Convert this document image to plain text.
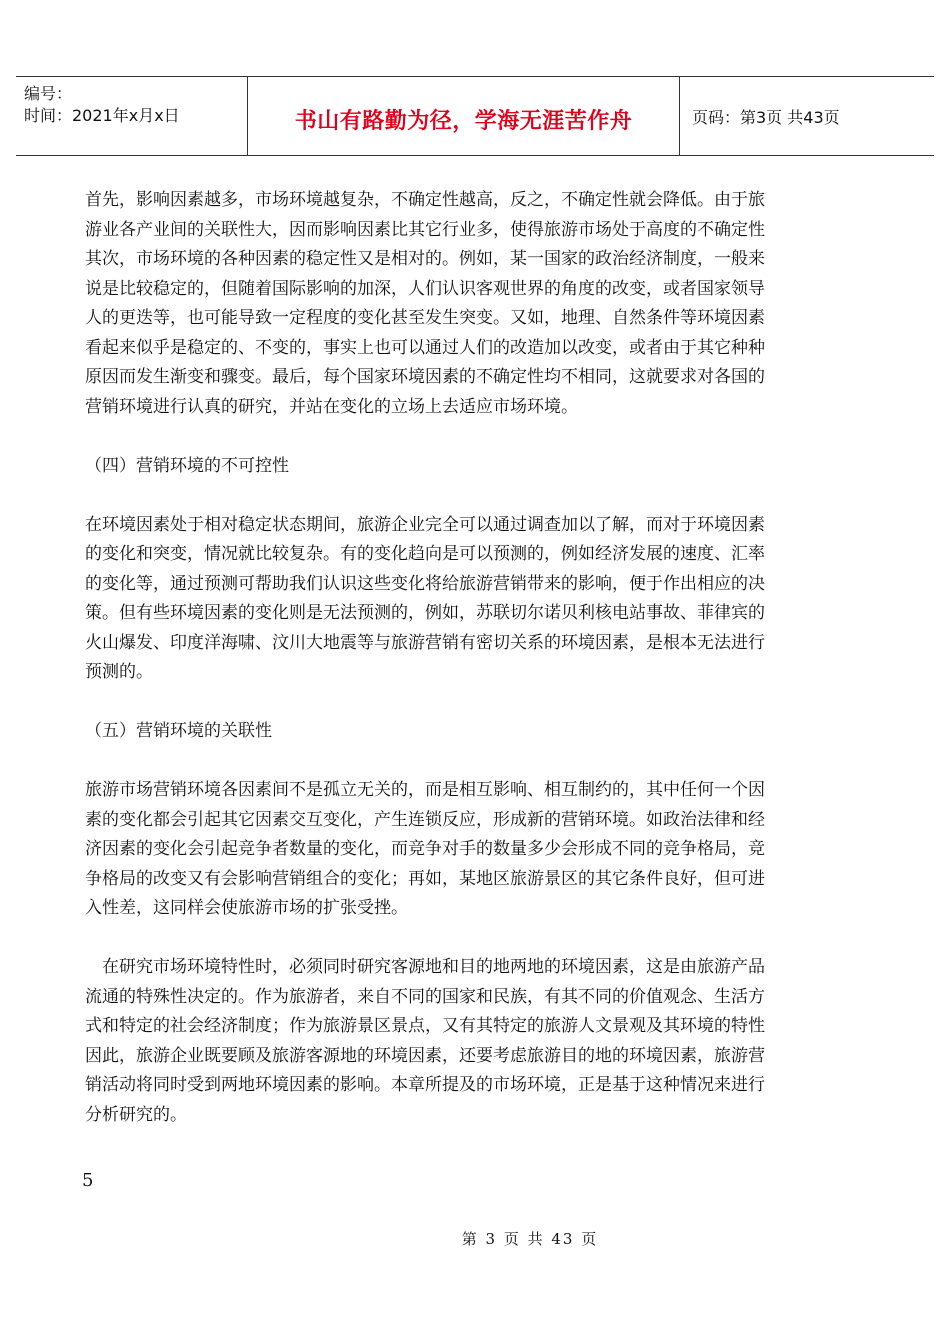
编号：
时间：2021年x月x日	书山有路勤为径，学海无涯苦作舟	页码：第3页 共43页

首先，影响因素越多，市场环境越复杂，不确定性越高，反之，不确定性就会降低。由于旅
游业各产业间的关联性大，因而影响因素比其它行业多，使得旅游市场处于高度的不确定性
其次，市场环境的各种因素的稳定性又是相对的。例如，某一国家的政治经济制度，一般来
说是比较稳定的，但随着国际影响的加深，人们认识客观世界的角度的改变，或者国家领导
人的更迭等，也可能导致一定程度的变化甚至发生突变。又如，地理、自然条件等环境因素
看起来似乎是稳定的、不变的，事实上也可以通过人们的改造加以改变，或者由于其它种种
原因而发生渐变和骤变。最后，每个国家环境因素的不确定性均不相同，这就要求对各国的
营销环境进行认真的研究，并站在变化的立场上去适应市场环境。

（四）营销环境的不可控性

在环境因素处于相对稳定状态期间，旅游企业完全可以通过调查加以了解，而对于环境因素
的变化和突变，情况就比较复杂。有的变化趋向是可以预测的，例如经济发展的速度、汇率
的变化等，通过预测可帮助我们认识这些变化将给旅游营销带来的影响，便于作出相应的决
策。但有些环境因素的变化则是无法预测的，例如，苏联切尔诺贝利核电站事故、菲律宾的
火山爆发、印度洋海啸、汶川大地震等与旅游营销有密切关系的环境因素，是根本无法进行
预测的。

（五）营销环境的关联性

旅游市场营销环境各因素间不是孤立无关的，而是相互影响、相互制约的，其中任何一个因
素的变化都会引起其它因素交互变化，产生连锁反应，形成新的营销环境。如政治法律和经
济因素的变化会引起竞争者数量的变化，而竞争对手的数量多少会形成不同的竞争格局，竞
争格局的改变又有会影响营销组合的变化；再如，某地区旅游景区的其它条件良好，但可进
入性差，这同样会使旅游市场的扩张受挫。

在研究市场环境特性时，必须同时研究客源地和目的地两地的环境因素，这是由旅游产品
流通的特殊性决定的。作为旅游者，来自不同的国家和民族，有其不同的价值观念、生活方
式和特定的社会经济制度；作为旅游景区景点，又有其特定的旅游人文景观及其环境的特性
因此，旅游企业既要顾及旅游客源地的环境因素，还要考虑旅游目的地的环境因素，旅游营
销活动将同时受到两地环境因素的影响。本章所提及的市场环境，正是基于这种情况来进行
分析研究的。

5
第 3 页 共 43 页
